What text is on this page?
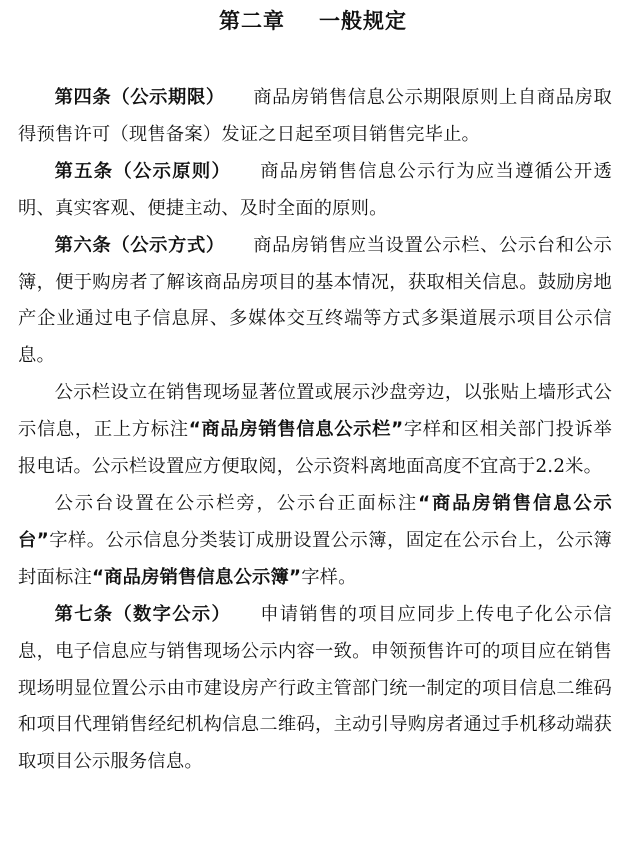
第二章 一般规定

第四条（公示期限） 商品房销售信息公示期限原则上自商品房取得预售许可（现售备案）发证之日起至项目销售完毕止。

第五条（公示原则） 商品房销售信息公示行为应当遵循公开透明、真实客观、便捷主动、及时全面的原则。

第六条（公示方式） 商品房销售应当设置公示栏、公示台和公示簿，便于购房者了解该商品房项目的基本情况，获取相关信息。鼓励房地产企业通过电子信息屏、多媒体交互终端等方式多渠道展示项目公示信息。

公示栏设立在销售现场显著位置或展示沙盘旁边，以张贴上墙形式公示信息，正上方标注“商品房销售信息公示栏”字样和区相关部门投诉举报电话。公示栏设置应方便取阅，公示资料离地面高度不宜高于2.2米。

公示台设置在公示栏旁，公示台正面标注“商品房销售信息公示台”字样。公示信息分类装订成册设置公示簿，固定在公示台上，公示簿封面标注“商品房销售信息公示簿”字样。

第七条（数字公示） 申请销售的项目应同步上传电子化公示信息，电子信息应与销售现场公示内容一致。申领预售许可的项目应在销售现场明显位置公示由市建设房产行政主管部门统一制定的项目信息二维码和项目代理销售经纪机构信息二维码，主动引导购房者通过手机移动端获取项目公示服务信息。
